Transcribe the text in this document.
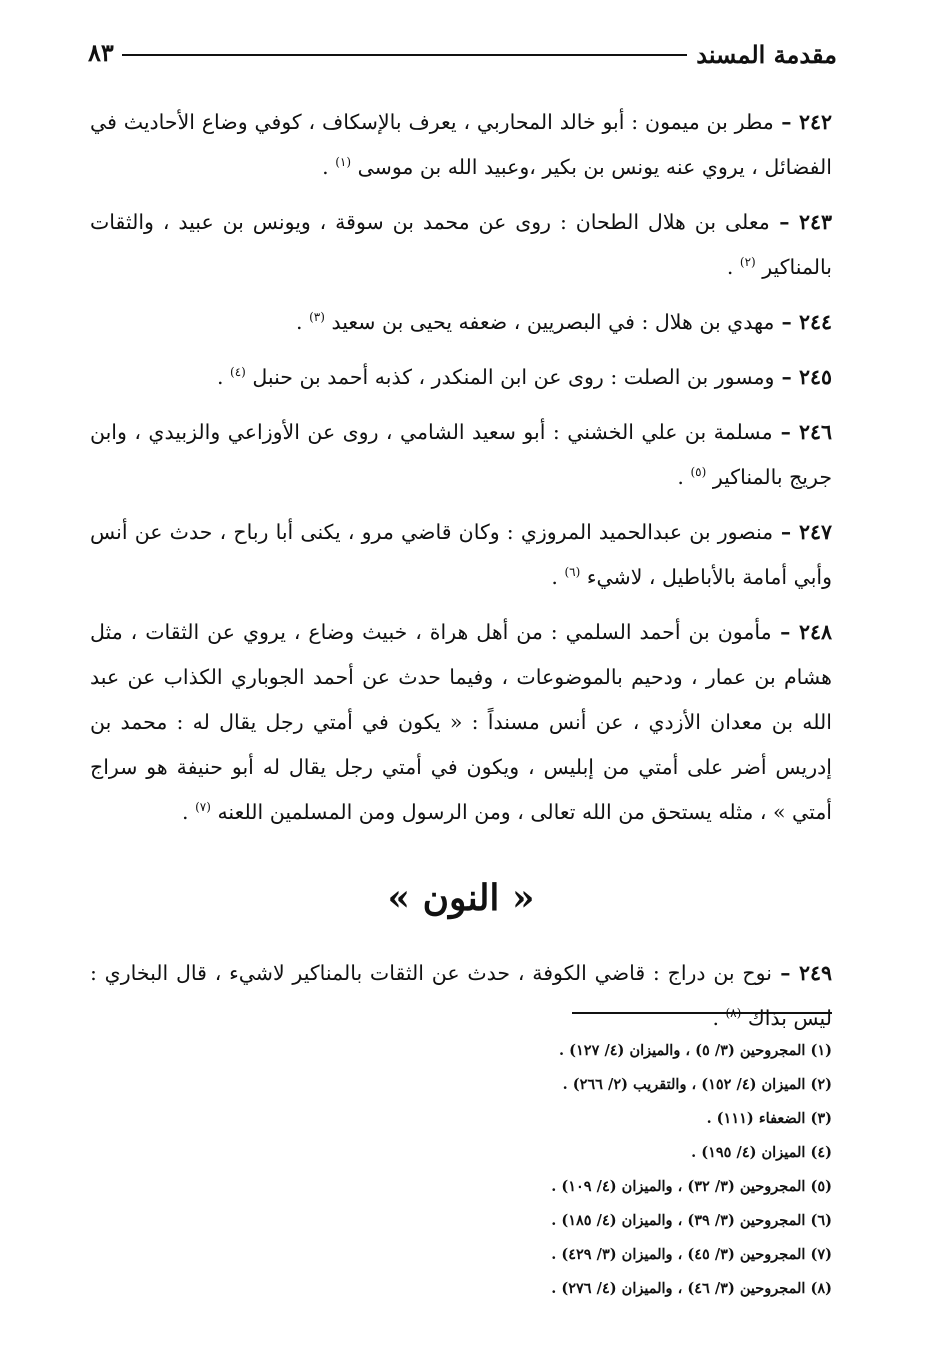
مقدمة المسند
٨٣
٢٤٢ – مطر بن ميمون : أبو خالد المحاربي ، يعرف بالإسكاف ، كوفي وضاع الأحاديث في الفضائل ، يروي عنه يونس بن بكير ،وعبيد الله بن موسى $^{(١)}$ .
٢٤٣ – معلى بن هلال الطحان : روى عن محمد بن سوقة ، ويونس بن عبيد ، والثقات بالمناكير $^{(٢)}$ .
٢٤٤ – مهدي بن هلال : في البصريين ، ضعفه يحيى بن سعيد $^{(٣)}$ .
٢٤٥ – ومسور بن الصلت : روى عن ابن المنكدر ، كذبه أحمد بن حنبل $^{(٤)}$ .
٢٤٦ – مسلمة بن علي الخشني : أبو سعيد الشامي ، روى عن الأوزاعي والزبيدي ، وابن جريج بالمناكير $^{(٥)}$ .
٢٤٧ – منصور بن عبدالحميد المروزي : وكان قاضي مرو ، يكنى أبا رباح ، حدث عن أنس وأبي أمامة بالأباطيل ، لاشيء $^{(٦)}$ .
٢٤٨ – مأمون بن أحمد السلمي : من أهل هراة ، خبيث وضاع ، يروي عن الثقات ، مثل هشام بن عمار ، ودحيم بالموضوعات ، وفيما حدث عن أحمد الجوباري الكذاب عن عبد الله بن معدان الأزدي ، عن أنس مسنداً : « يكون في أمتي رجل يقال له : محمد بن إدريس أضر على أمتي من إبليس ، ويكون في أمتي رجل يقال له أبو حنيفة هو سراج أمتي » ، مثله يستحق من الله تعالى ، ومن الرسول ومن المسلمين اللعنه $^{(٧)}$ .
« النون »
٢٤٩ – نوح بن دراج : قاضي الكوفة ، حدث عن الثقات بالمناكير لاشيء ، قال البخاري : ليس بذاك $^{(٨)}$ .
(١) المجروحين (٣/ ٥) ، والميزان (٤/ ١٢٧) .
(٢) الميزان (٤/ ١٥٢) ، والتقريب (٢/ ٢٦٦) .
(٣) الضعفاء (١١١) .
(٤) الميزان (٤/ ١٩٥) .
(٥) المجروحين (٣/ ٣٢) ، والميزان (٤/ ١٠٩) .
(٦) المجروحين (٣/ ٣٩) ، والميزان (٤/ ١٨٥) .
(٧) المجروحين (٣/ ٤٥) ، والميزان (٣/ ٤٢٩) .
(٨) المجروحين (٣/ ٤٦) ، والميزان (٤/ ٢٧٦) .
